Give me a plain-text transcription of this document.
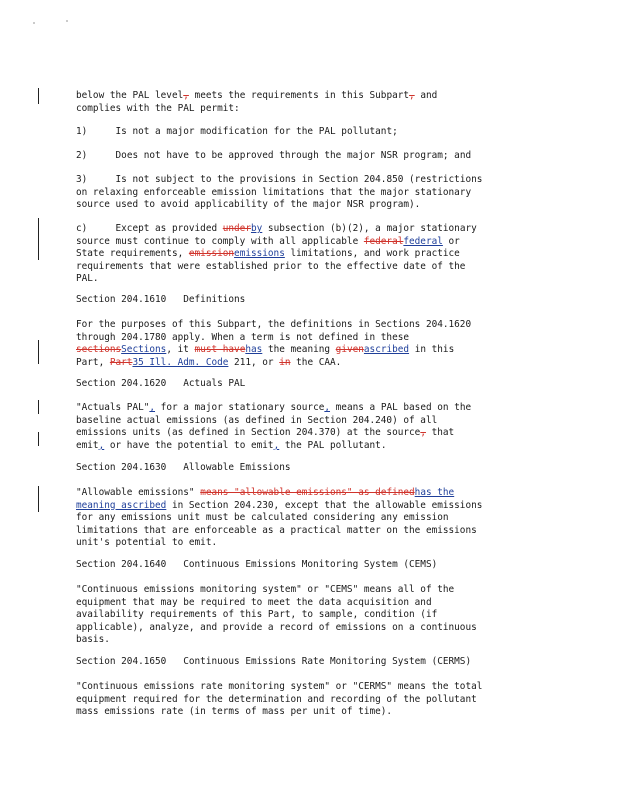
below the PAL level, meets the requirements in this Subpart, and
complies with the PAL permit:

1)	Is not a major modification for the PAL pollutant;

2)	Does not have to be approved through the major NSR program; and

3)	Is not subject to the provisions in Section 204.850 (restrictions
on relaxing enforceable emission limitations that the major stationary
source used to avoid applicability of the major NSR program).

c)     Except as provided underby subsection (b)(2), a major stationary
source must continue to comply with all applicable federalfederal or
State requirements, emissionemissions limitations, and work practice
requirements that were established prior to the effective date of the
PAL.

Section 204.1610   Definitions

For the purposes of this Subpart, the definitions in Sections 204.1620
through 204.1780 apply. When a term is not defined in these
sectionsSections, it must havehas the meaning givenascribed in this
Part, Part35 Ill. Adm. Code 211, or in the CAA.

Section 204.1620   Actuals PAL

"Actuals PAL", for a major stationary source, means a PAL based on the
baseline actual emissions (as defined in Section 204.240) of all
emissions units (as defined in Section 204.370) at the source, that
emit, or have the potential to emit, the PAL pollutant.

Section 204.1630   Allowable Emissions

"Allowable emissions" means "allowable emissions" as definedhas the
meaning ascribed in Section 204.230, except that the allowable emissions
for any emissions unit must be calculated considering any emission
limitations that are enforceable as a practical matter on the emissions
unit's potential to emit.

Section 204.1640   Continuous Emissions Monitoring System (CEMS)

"Continuous emissions monitoring system" or "CEMS" means all of the
equipment that may be required to meet the data acquisition and
availability requirements of this Part, to sample, condition (if
applicable), analyze, and provide a record of emissions on a continuous
basis.

Section 204.1650   Continuous Emissions Rate Monitoring System (CERMS)

"Continuous emissions rate monitoring system" or "CERMS" means the total
equipment required for the determination and recording of the pollutant
mass emissions rate (in terms of mass per unit of time).
